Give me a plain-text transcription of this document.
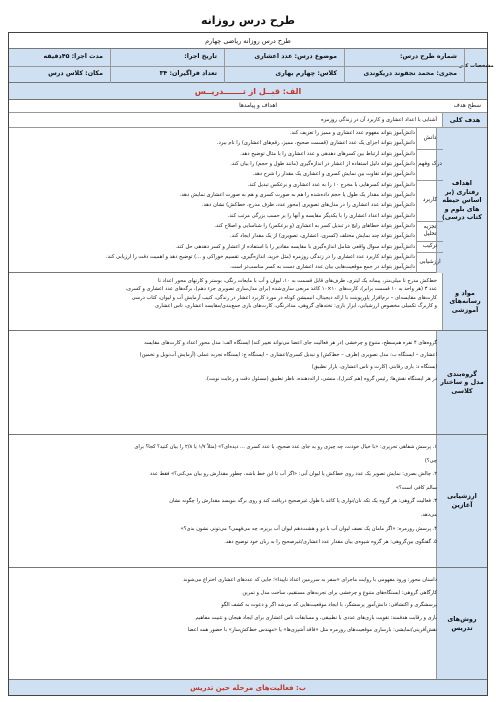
طرح درس روزانه
طرح درس روزانه ریاضی چهارم
مشخصات کلی
شماره طرح درس:
موضوع درس: عدد اعشاری
تاریخ اجرا:
مدت اجرا: ۴۵دقیقه
مجری: محمد نجفوند دریکوندی
کلاس: چهارم بهاری
تعداد فراگیران: ۳۴
مکان: کلاس درس
الف: قبــل از تـــــــدریــس
سطح هدف
اهداف و پیامدها
هدف کلی
آشنایی با اعداد اعشاری و کاربرد آن در زندگی روزمره
اهداف رفتاری (بر اساس حیطه های بلوم و کتاب درسی)
دانش
درک وفهم
کاربرد
تجزیه تحلیل
ترکیب
ارزشیابی
دانش‌آموز بتواند مفهوم عدد اعشاری و ممیز را تعریف کند.
دانش‌آموز بتواند اجزای یک عدد اعشاری (قسمت صحیح، ممیز، رقم‌های اعشاری) را نام ببرد.
دانش‌آموز بتواند ارتباط بین کسرهای دهدهی و عدد اعشاری را با مثال توضیح دهد.
دانش‌آموز بتواند دلیل استفاده از اعشار در اندازه‌گیری (مانند طول و حجم) را بیان کند.
دانش‌آموز بتواند تفاوت بین نمایش کسری و اعشاری یک مقدار را شرح دهد.
دانش‌آموز بتواند کسرهایی با مخرج ۱۰ را به عدد اعشاری و برعکس تبدیل کند.
دانش‌آموز بتواند مقدار یک طول یا حجم داده‌شده را هم به صورت کسری و هم به صورت اعشاری نمایش دهد.
دانش‌آموز بتواند عدد اعشاری را در مدل‌های تصویری (محور عدد، ظرف مدرج، خط‌کش) نشان دهد.
دانش‌آموز بتواند اعداد اعشاری را با یکدیگر مقایسه و آنها را بر حسب بزرگی مرتب کند.
دانش‌آموز بتواند خطاهای رایج در تبدیل کسر به اعشاری (و برعکس) را شناسایی و اصلاح کند.
دانش‌آموز بتواند چند نمایش مختلف (کسری، اعشاری، تصویری) از یک مقدار ایجاد کند.
دانش‌آموز بتواند سوال واقعی شامل اندازه‌گیری با مقایسه مقادیر را با استفاده از اعشار و کسر دهدهی حل کند.
دانش‌آموز بتواند کاربرد عدد اعشاری را در زندگی روزمره (مثل خرید، اندازه‌گیری، تقسیم خوراکی و ...) توضیح دهد و اهمیت دقت را ارزیابی کند.
دانش‌آموز بتواند در جمع موقعیت‌هایی بیان عدد اعشاری دست به کسر مناسب‌تر است.
مواد و رسانه‌های آموزشی
خط‌کش مدرج تا میلی‌متر، پیمانه یک لیتری، ظرف‌های قابل قسمت به ۱۰، لیوان و آب با مایعات رنگی، بوستر و کارتهای محور اعداد تا
عدد ۳ (هر واحد به ۱۰ قسمت برابر)، کارت‌های ۱۰×۱۰ کاغذ مربعی سازی‌شده (برای مدل‌سازی تصویری جزء دهم)، برگه‌های عدد اعشاری و کسری،
کارت‌های مقایسه‌ای – نرم‌افزار پاورپوینت با ارائه دیجیتال، انیمیشن کوتاه در مورد کاربرد اعشار در زندگی، کتیب آزمایش آب و لیوان، کتاب درسی
و کاربرگ تکمیلی مخصوص ارزشیابی، ابزار بازی: تخته‌های گروهی، مدادرنگی، کارت‌های بازی جمع‌بندی/مقایسه اعشاری، تاس اعشاری
گروه‌بندی مدل و ساختار کلاسی
گروه‌های ۴ نفره هم‌سطح، متنوع و چرخشی (در هر فعالیت جای اعضا می‌تواند تغییر کند) ایستگاه الف: مدل محور اعداد و کارت‌های مقایسه
اعشاری – ایستگاه ب: مدل تصویری (ظرف – خط‌کش) و تبدیل کسری/اعشاری – ایستگاه ج: ایستگاه تجربه عملی (آزمایش آب‌نوبل و تخمین)
ایستگاه د: بازی رقابتی (کارت و تاس اعشاری، بازار تطبیق)
در هر ایستگاه نقش‌ها: رئیس گروه (هم کنترل)، منشی، ارائه‌دهنده، ناظر تطبیق (مسئول دقت و رعایت نوبت).
ارزشیابی آغازین
۱. پرسش شفاهی تحریری: «با خیال خودت، چه چیزی رو به جای عدد صحیح، با عدد کسری ... دیده‌ای؟» (مثلاً ۱/۷ یا ۲/۸ را بیان کنید؟ کجا؟ برای
چی؟)
۲. چالش بصری: نمایش تصویر یک عدد روی خط‌کش یا لیوان آبی: «اگر آب تا این خط باشه، چطور مقدارش رو بیان می‌کنی؟» فقط عدد
سالم کافی است؟»
۳. فعالیت گروهی: هر گروه یک تکه نان/نواری یا کاغذ با طول غیرصحیح دریافت کند و روی برگه بنویسد مقدارش را چگونه نشان
می‌دهد.
۴. پرسش روزمره: «اگر مامان یک نصف لیوان آب با دو و هشت‌دهم لیوان آب بریزه، چه می‌فهمی؟ می‌تونی نشون بدی؟»
۵. گفتگوی بین‌گروهی: هر گروه شیوه‌ی بیان مقدار عدد اعشاری/غیرصحیح را به زبان خود توضیح دهد.
روش‌های تدریس
داستان محور: ورود مفهومی با روایت ماجرای «سفر به سرزمین اعداد ناپیدا»؛ جایی که عددهای اعشاری اختراع می‌شوند
کارگاهی گروهی: ایستگاه‌های متنوع و چرخشی برای تجربه‌های مستقیم، ساخت مدل و تمرین
پرسشگری و اکتشافی: دانش‌آموز پرسشگر، با ایجاد موقعیت‌هایی که می‌شه اگر و دعوت به کشف الگو
بازی و رقابت هدفمند: تقویت بازی‌های عددی با تطبیقی، و مسابقات تاس اعشاری برای ایجاد هیجان و تثبیت مفاهیم
نقش‌آفرینی/نمایشی: بازسازی موقعیت‌های روزمره مثل «فاقد آشپزی‌ها» یا «مهندس خط‌کش‌ساز» با حضور همه اعضا
ب: فعالیت‌های مرحله حین تدریس
